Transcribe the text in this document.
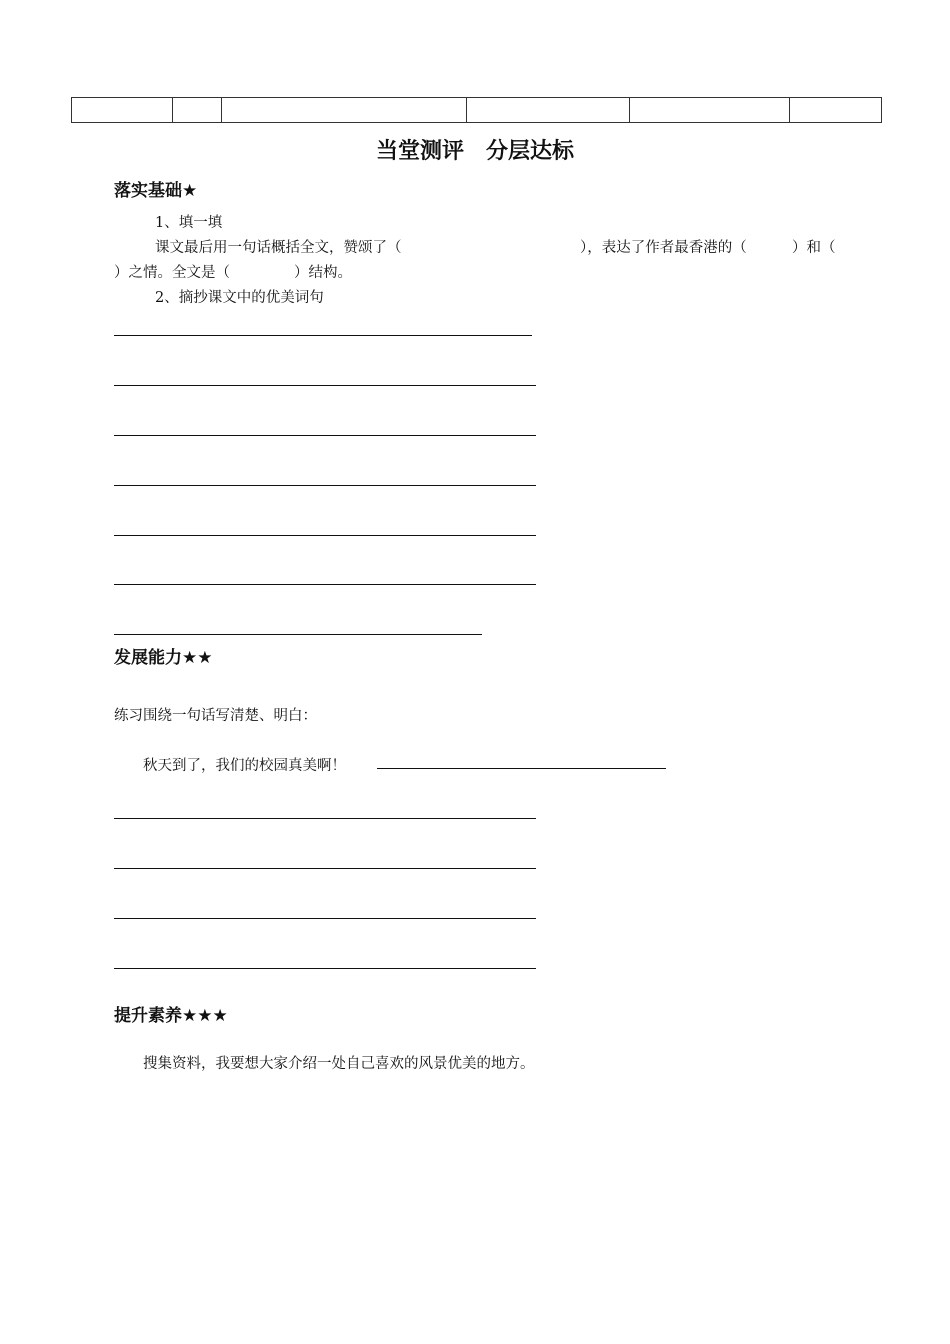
当堂测评 分层达标
落实基础★
1、填一填
课文最后用一句话概括全文，赞颂了（	），表达了作者最香港的（	）和（
）之情。全文是（	）结构。
2、摘抄课文中的优美词句
发展能力★★
练习围绕一句话写清楚、明白：
秋天到了，我们的校园真美啊！
提升素养★★★
搜集资料，我要想大家介绍一处自己喜欢的风景优美的地方。
